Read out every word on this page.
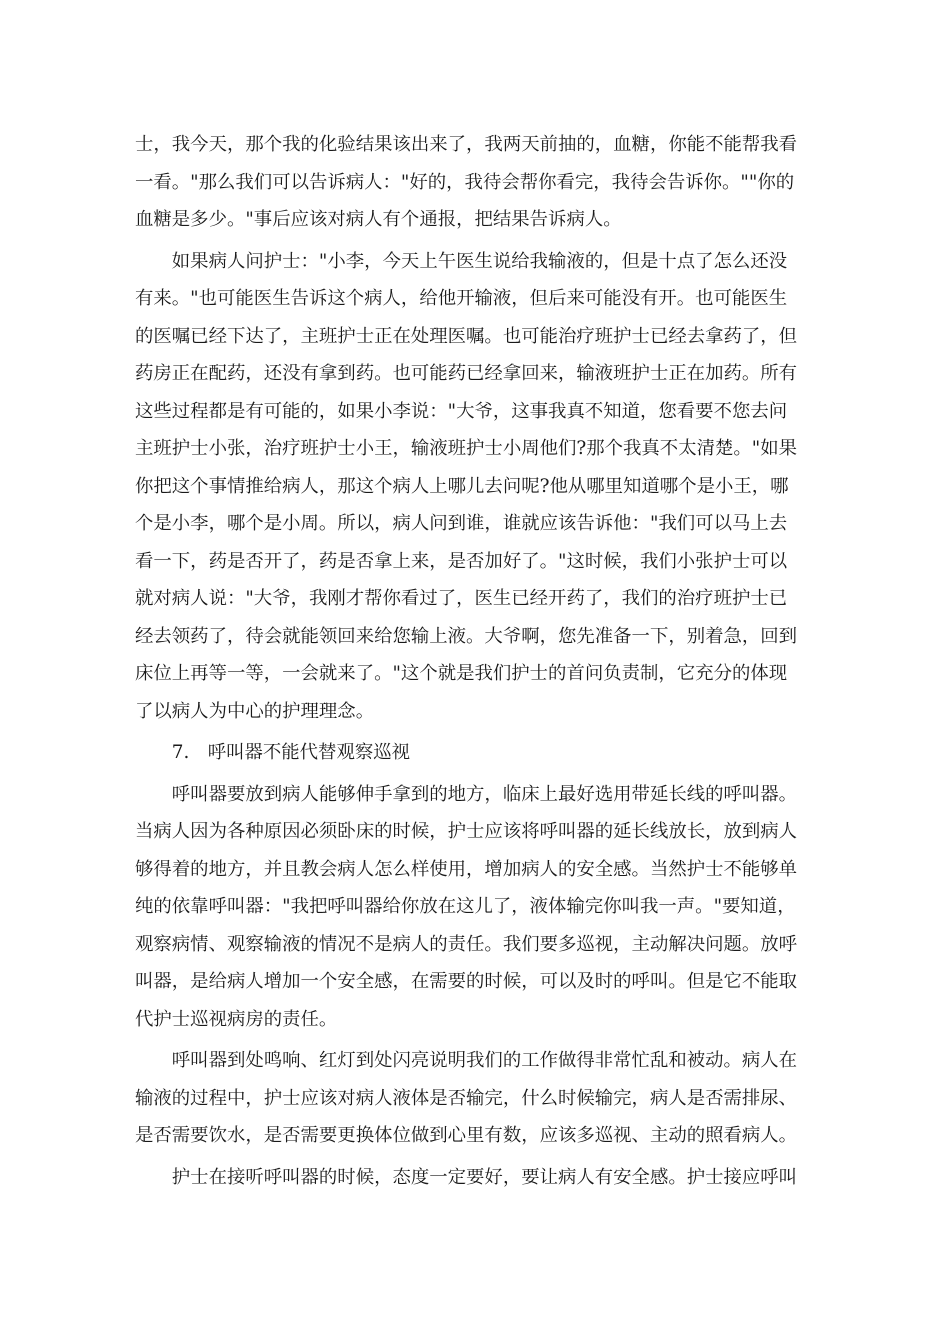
士，我今天，那个我的化验结果该出来了，我两天前抽的，血糖，你能不能帮我看
一看。"那么我们可以告诉病人："好的，我待会帮你看完，我待会告诉你。""你的
血糖是多少。"事后应该对病人有个通报，把结果告诉病人。
　　如果病人问护士："小李，今天上午医生说给我输液的，但是十点了怎么还没
有来。"也可能医生告诉这个病人，给他开输液，但后来可能没有开。也可能医生
的医嘱已经下达了，主班护士正在处理医嘱。也可能治疗班护士已经去拿药了，但
药房正在配药，还没有拿到药。也可能药已经拿回来，输液班护士正在加药。所有
这些过程都是有可能的，如果小李说："大爷，这事我真不知道，您看要不您去问
主班护士小张，治疗班护士小王，输液班护士小周他们?那个我真不太清楚。"如果
你把这个事情推给病人，那这个病人上哪儿去问呢?他从哪里知道哪个是小王，哪
个是小李，哪个是小周。所以，病人问到谁，谁就应该告诉他："我们可以马上去
看一下，药是否开了，药是否拿上来，是否加好了。"这时候，我们小张护士可以
就对病人说："大爷，我刚才帮你看过了，医生已经开药了，我们的治疗班护士已
经去领药了，待会就能领回来给您输上液。大爷啊，您先准备一下，别着急，回到
床位上再等一等，一会就来了。"这个就是我们护士的首问负责制，它充分的体现
了以病人为中心的护理理念。
　　7.　呼叫器不能代替观察巡视
　　呼叫器要放到病人能够伸手拿到的地方，临床上最好选用带延长线的呼叫器。
当病人因为各种原因必须卧床的时候，护士应该将呼叫器的延长线放长，放到病人
够得着的地方，并且教会病人怎么样使用，增加病人的安全感。当然护士不能够单
纯的依靠呼叫器："我把呼叫器给你放在这儿了，液体输完你叫我一声。"要知道，
观察病情、观察输液的情况不是病人的责任。我们要多巡视，主动解决问题。放呼
叫器，是给病人增加一个安全感，在需要的时候，可以及时的呼叫。但是它不能取
代护士巡视病房的责任。
　　呼叫器到处鸣响、红灯到处闪亮说明我们的工作做得非常忙乱和被动。病人在
输液的过程中，护士应该对病人液体是否输完，什么时候输完，病人是否需排尿、
是否需要饮水，是否需要更换体位做到心里有数，应该多巡视、主动的照看病人。
　　护士在接听呼叫器的时候，态度一定要好，要让病人有安全感。护士接应呼叫
